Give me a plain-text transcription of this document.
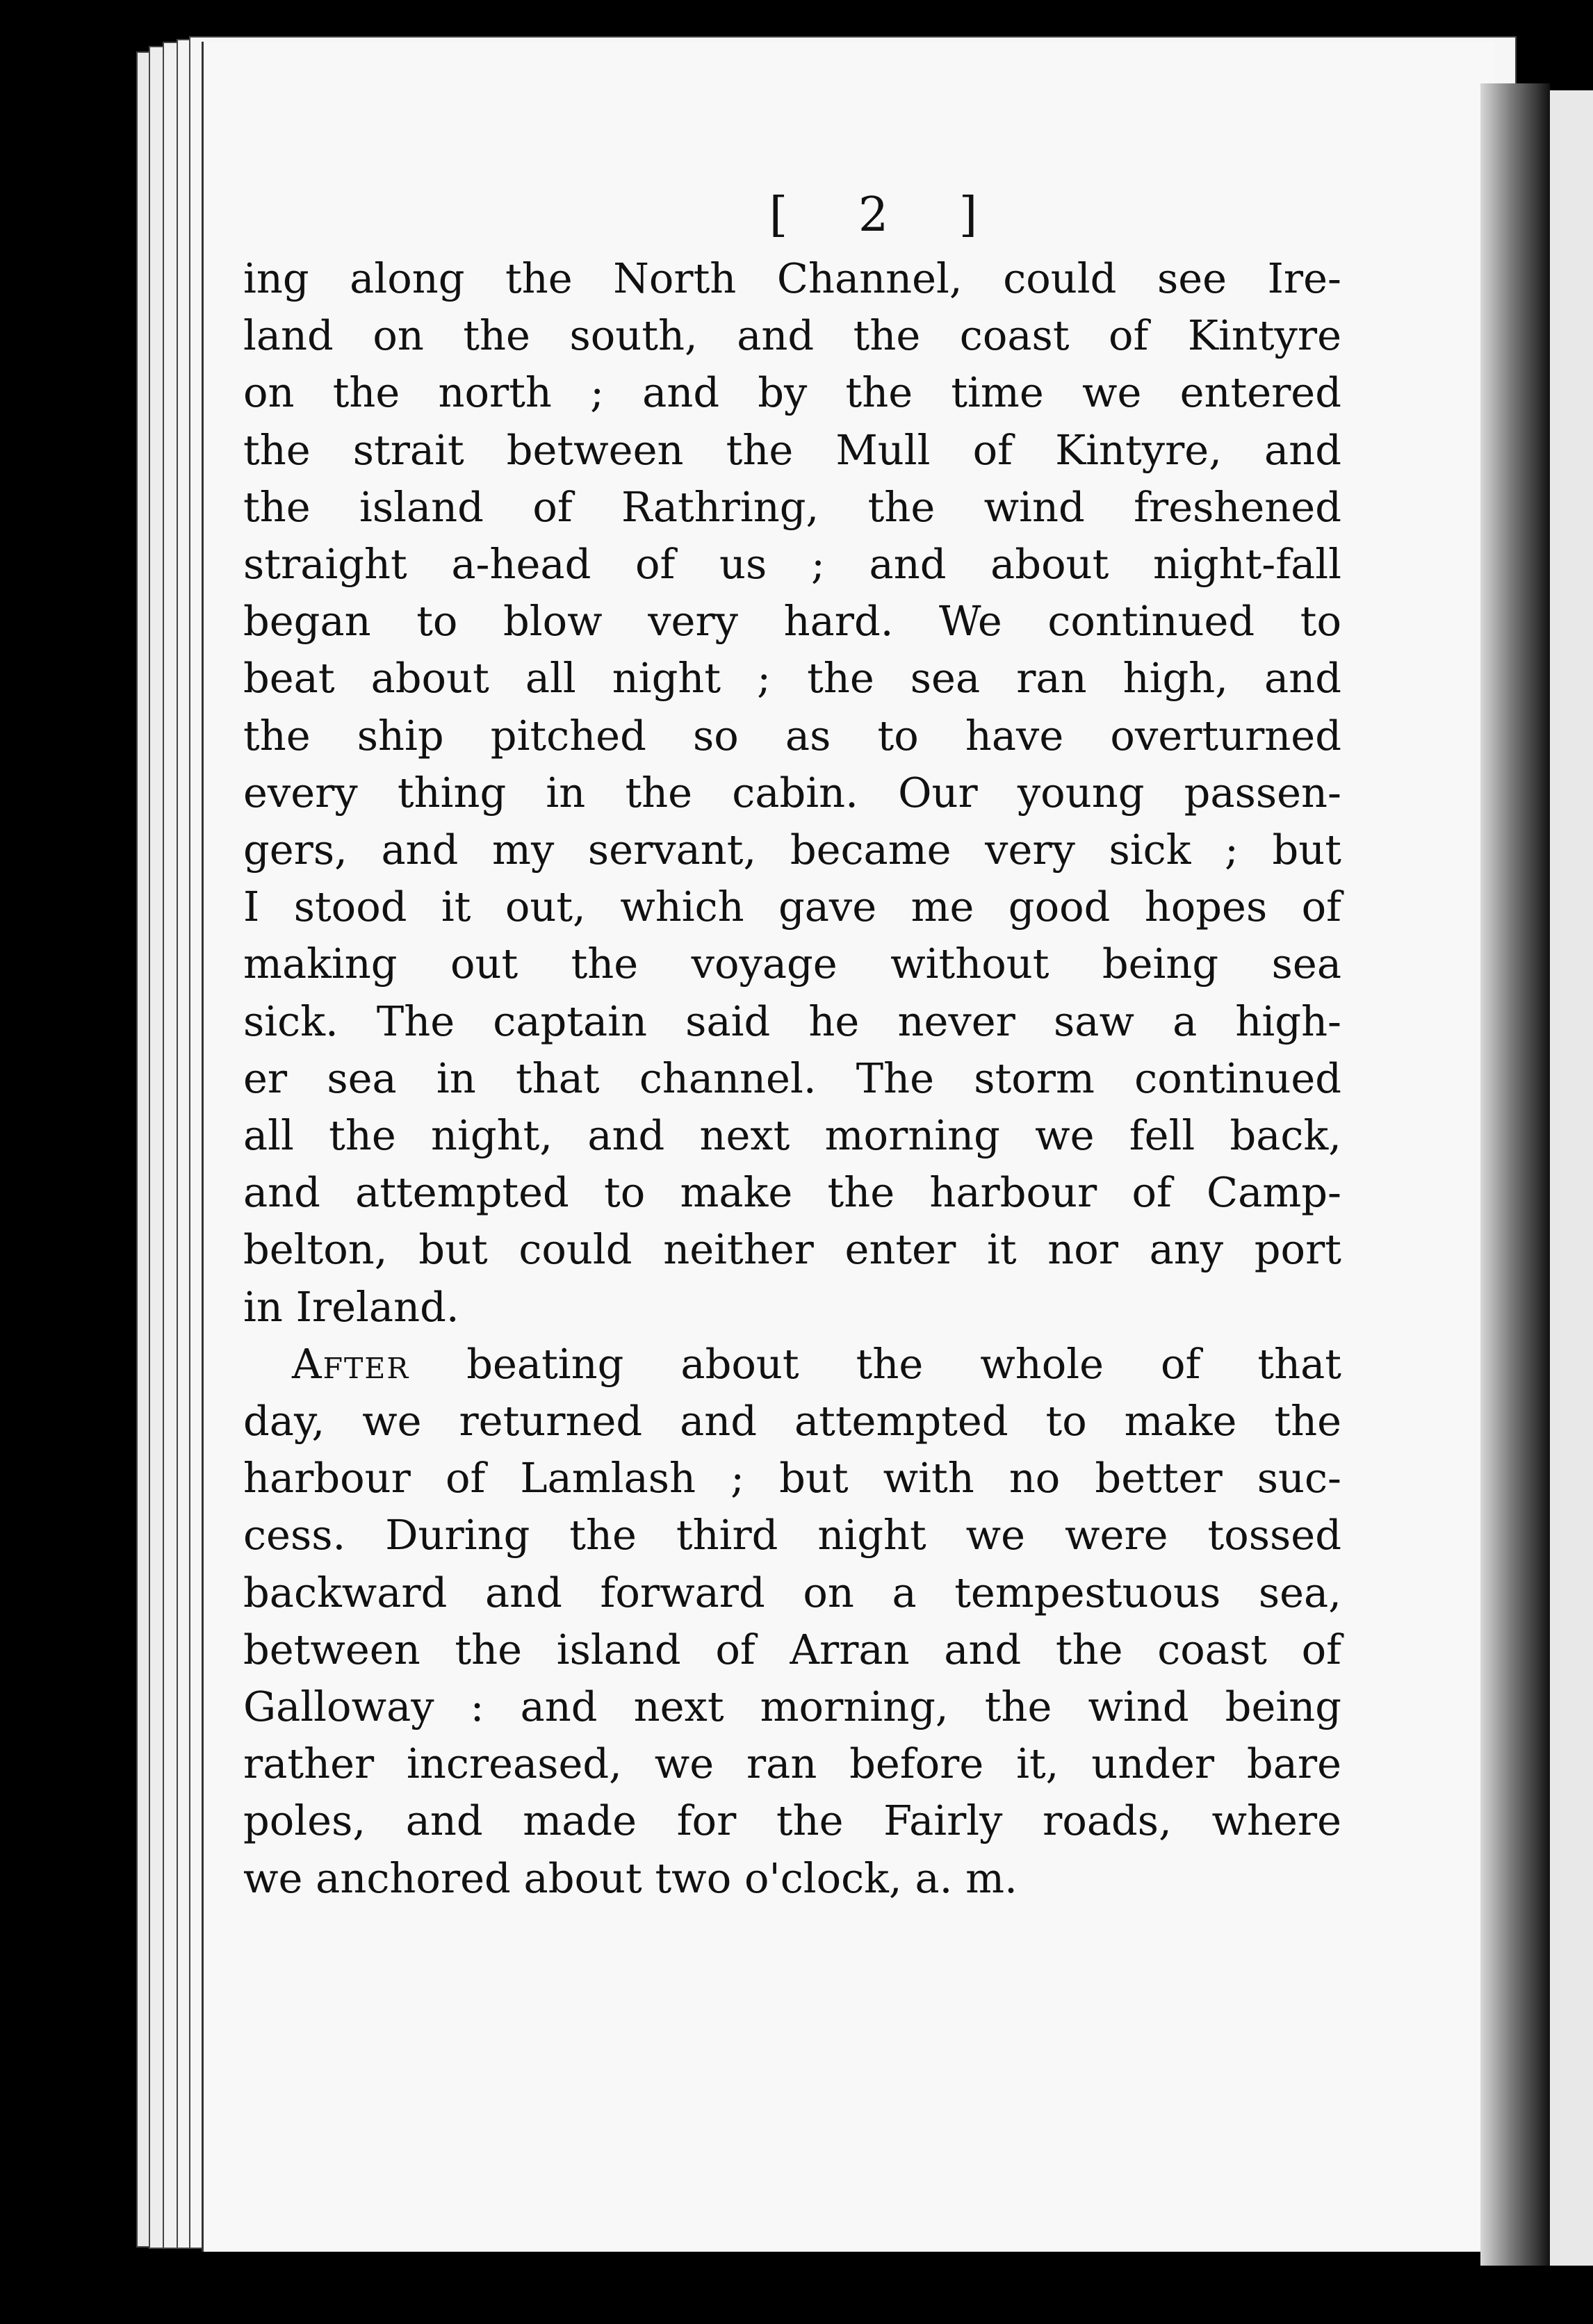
[ 2 ]
ing along the North Channel, could see Ire-
land on the south, and the coast of Kintyre
on the north ; and by the time we entered
the strait between the Mull of Kintyre, and
the island of Rathring, the wind freshened
straight a-head of us ; and about night-fall
began to blow very hard. We continued to
beat about all night ; the sea ran high, and
the ship pitched so as to have overturned
every thing in the cabin. Our young passen-
gers, and my servant, became very sick ; but
I stood it out, which gave me good hopes of
making out the voyage without being sea
sick. The captain said he never saw a high-
er sea in that channel. The storm continued
all the night, and next morning we fell back,
and attempted to make the harbour of Camp-
belton, but could neither enter it nor any port
in Ireland.
After beating about the whole of that
day, we returned and attempted to make the
harbour of Lamlash ; but with no better suc-
cess. During the third night we were tossed
backward and forward on a tempestuous sea,
between the island of Arran and the coast of
Galloway : and next morning, the wind being
rather increased, we ran before it, under bare
poles, and made for the Fairly roads, where
we anchored about two o'clock, a. m.
